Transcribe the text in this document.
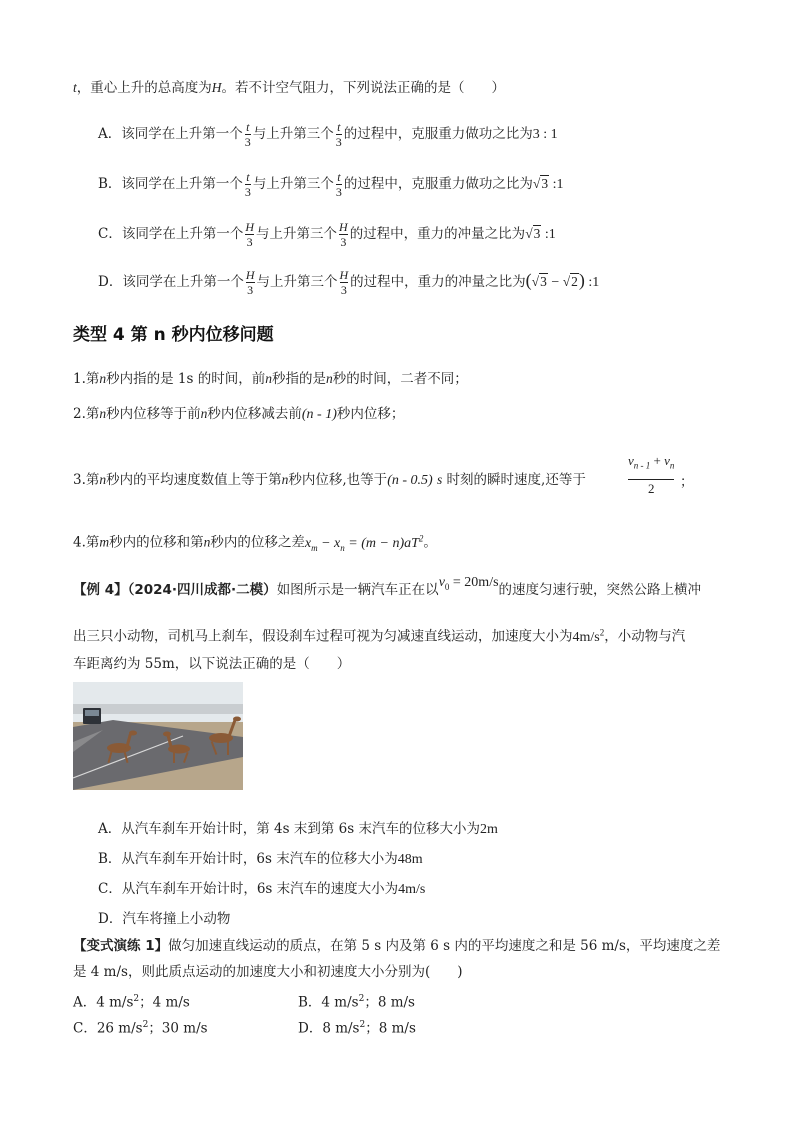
t，重心上升的总高度为H。若不计空气阻力，下列说法正确的是（　　）
A．该同学在上升第一个 $\frac{t}{3}$ 与上升第三个 $\frac{t}{3}$ 的过程中，克服重力做功之比为3 : 1
B．该同学在上升第一个 $\frac{t}{3}$ 与上升第三个 $\frac{t}{3}$ 的过程中，克服重力做功之比为√3 :1
C．该同学在上升第一个 $\frac{H}{3}$ 与上升第三个 $\frac{H}{3}$ 的过程中，重力的冲量之比为√3 :1
D．该同学在上升第一个 $\frac{H}{3}$ 与上升第三个 $\frac{H}{3}$ 的过程中，重力的冲量之比为(√3 − √2) :1
类型 4 第 n 秒内位移问题
1.第n秒内指的是 1s 的时间，前n秒指的是n秒的时间，二者不同；
2.第n秒内位移等于前n秒内位移减去前(n - 1)秒内位移；
3.第n秒内的平均速度数值上等于第n秒内位移,也等于(n - 0.5) s 时刻的瞬时速度,还等于	$\frac{v_{n - 1} + v_n}{2}$ ；
4.第m秒内的位移和第n秒内的位移之差$x_m - x_n = (m - n)aT^2$。
【例 4】（2024·四川成都·二模）如图所示是一辆汽车正在以$v_0 = 20m/s$的速度匀速行驶，突然公路上横冲
出三只小动物，司机马上刹车，假设刹车过程可视为匀减速直线运动，加速度大小为$4m/s^2$，小动物与汽
车距离约为 55m，以下说法正确的是（　　）
A．从汽车刹车开始计时，第 4s 末到第 6s 末汽车的位移大小为2m
B．从汽车刹车开始计时，6s 末汽车的位移大小为48m
C．从汽车刹车开始计时，6s 末汽车的速度大小为4m/s
D．汽车将撞上小动物
【变式演练 1】做匀加速直线运动的质点，在第 5 s 内及第 6 s 内的平均速度之和是 56 m/s，平均速度之差
是 4 m/s，则此质点运动的加速度大小和初速度大小分别为(　　)
A．4 $m/s^2$；4 m/s	B．4 $m/s^2$；8 m/s
C．26 $m/s^2$；30 m/s	D．8 $m/s^2$；8 m/s
